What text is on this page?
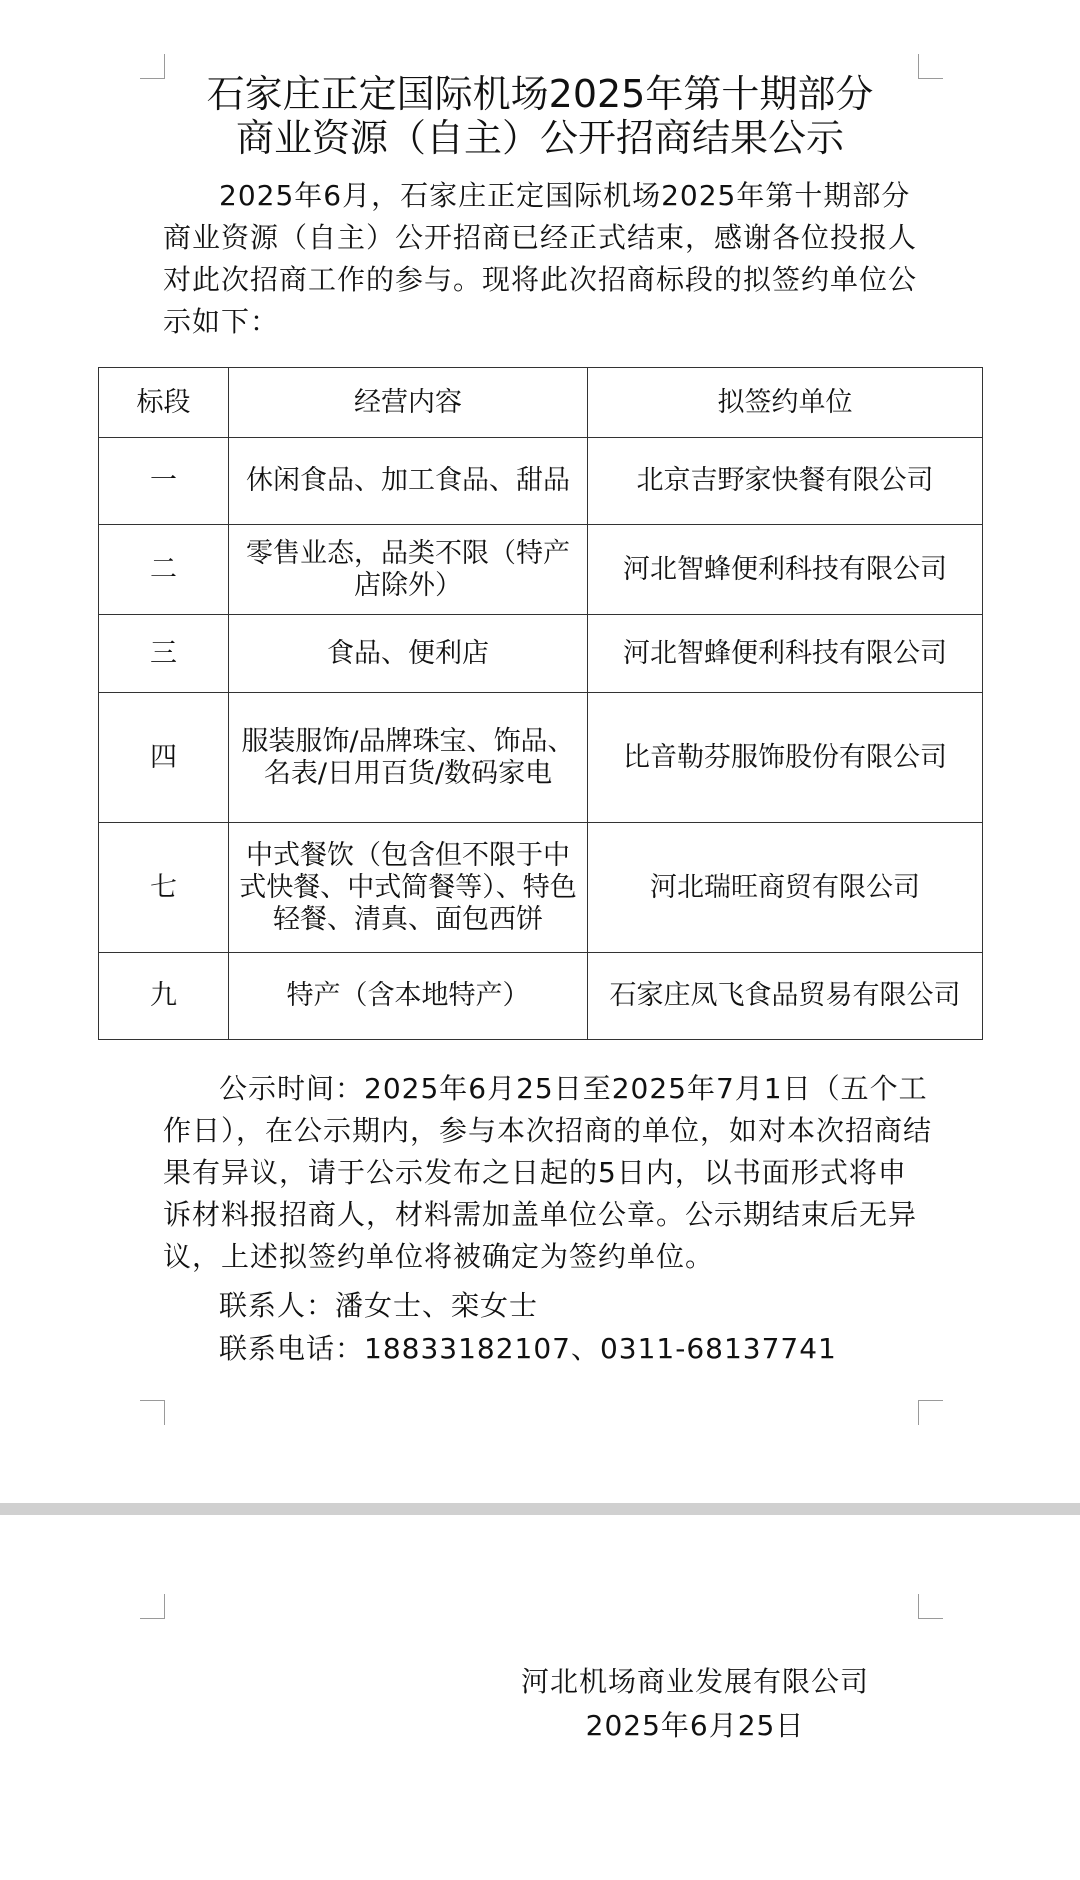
石家庄正定国际机场2025年第十期部分
商业资源（自主）公开招商结果公示

2025年6月，石家庄正定国际机场2025年第十期部分商业资源（自主）公开招商已经正式结束，感谢各位投报人对此次招商工作的参与。现将此次招商标段的拟签约单位公示如下：

标段	经营内容	拟签约单位
一	休闲食品、加工食品、甜品	北京吉野家快餐有限公司
二	零售业态，品类不限（特产店除外）	河北智蜂便利科技有限公司
三	食品、便利店	河北智蜂便利科技有限公司
四	服装服饰/品牌珠宝、饰品、名表/日用百货/数码家电	比音勒芬服饰股份有限公司
七	中式餐饮（包含但不限于中式快餐、中式简餐等）、特色轻餐、清真、面包西饼	河北瑞旺商贸有限公司
九	特产（含本地特产）	石家庄凤飞食品贸易有限公司

公示时间：2025年6月25日至2025年7月1日（五个工作日），在公示期内，参与本次招商的单位，如对本次招商结果有异议，请于公示发布之日起的5日内，以书面形式将申诉材料报招商人，材料需加盖单位公章。公示期结束后无异议，上述拟签约单位将被确定为签约单位。

联系人：潘女士、栾女士

联系电话：18833182107、0311-68137741

河北机场商业发展有限公司
2025年6月25日
